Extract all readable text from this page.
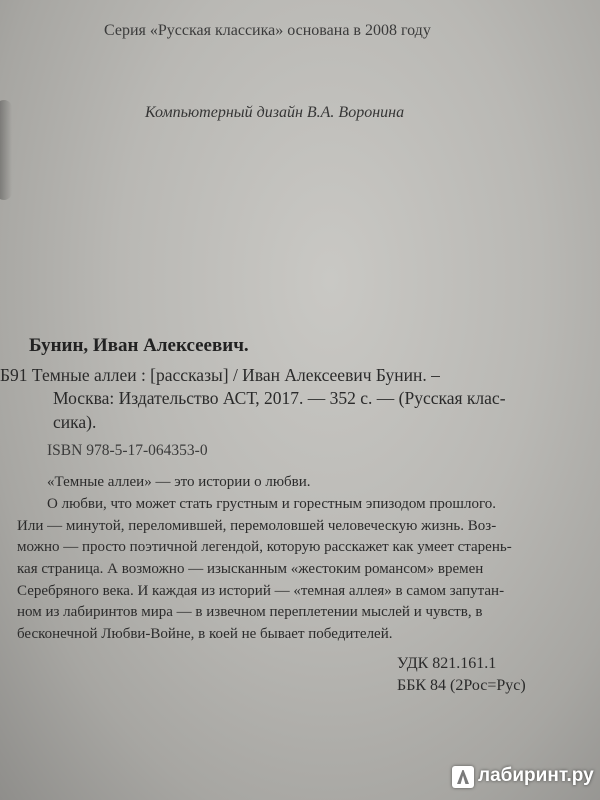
Серия «Русская классика» основана в 2008 году
Компьютерный дизайн В.А. Воронина
Бунин, Иван Алексеевич.
Б91 Темные аллеи : [рассказы] / Иван Алексеевич Бунин. –
Москва: Издательство АСТ, 2017. — 352 с. — (Русская клас-
сика).
ISBN 978-5-17-064353-0
«Темные аллеи» — это истории о любви.
О любви, что может стать грустным и горестным эпизодом прошлого.
Или — минутой, переломившей, перемоловшей человеческую жизнь. Воз-
можно — просто поэтичной легендой, которую расскажет как умеет старень-
кая страница. А возможно — изысканным «жестоким романсом» времен
Серебряного века. И каждая из историй — «темная аллея» в самом запутан-
ном из лабиринтов мира — в извечном переплетении мыслей и чувств, в
бесконечной Любви-Войне, в коей не бывает победителей.
УДК 821.161.1
ББК 84 (2Рос=Рус)
лабиринт.ру
